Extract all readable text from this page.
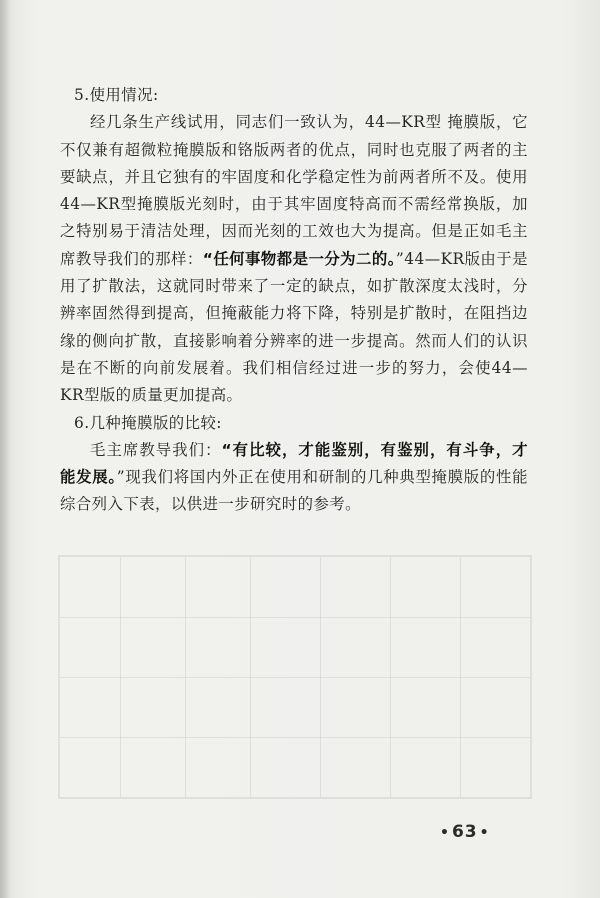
5.使用情况:

经几条生产线试用，同志们一致认为，44—KR型 掩膜版，它不仅兼有超微粒掩膜版和铬版两者的优点，同时也克服了两者的主要缺点，并且它独有的牢固度和化学稳定性为前两者所不及。使用44—KR型掩膜版光刻时，由于其牢固度特高而不需经常换版，加之特别易于清洁处理，因而光刻的工效也大为提高。但是正如毛主席教导我们的那样：“任何事物都是一分为二的。”44—KR版由于是用了扩散法，这就同时带来了一定的缺点，如扩散深度太浅时，分辨率固然得到提高，但掩蔽能力将下降，特别是扩散时，在阻挡边缘的侧向扩散，直接影响着分辨率的进一步提高。然而人们的认识是在不断的向前发展着。我们相信经过进一步的努力，会使44—KR型版的质量更加提高。

6.几种掩膜版的比较:

毛主席教导我们：“有比较，才能鉴别，有鉴别，有斗争，才能发展。”现我们将国内外正在使用和研制的几种典型掩膜版的性能综合列入下表，以供进一步研究时的参考。

• 63 •
